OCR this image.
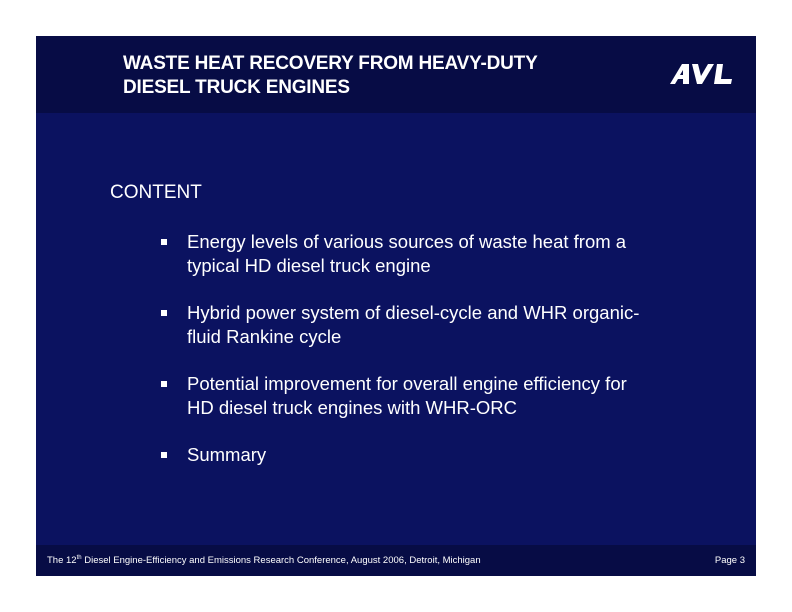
WASTE HEAT RECOVERY FROM HEAVY-DUTY
DIESEL TRUCK ENGINES
CONTENT
Energy levels of various sources of waste heat from a
typical HD diesel truck engine
Hybrid power system of diesel-cycle and WHR organic-
fluid Rankine cycle
Potential improvement for overall engine efficiency for
HD diesel truck engines with WHR-ORC
Summary
The 12th Diesel Engine-Efficiency and Emissions Research Conference, August 2006, Detroit, Michigan	Page 3
